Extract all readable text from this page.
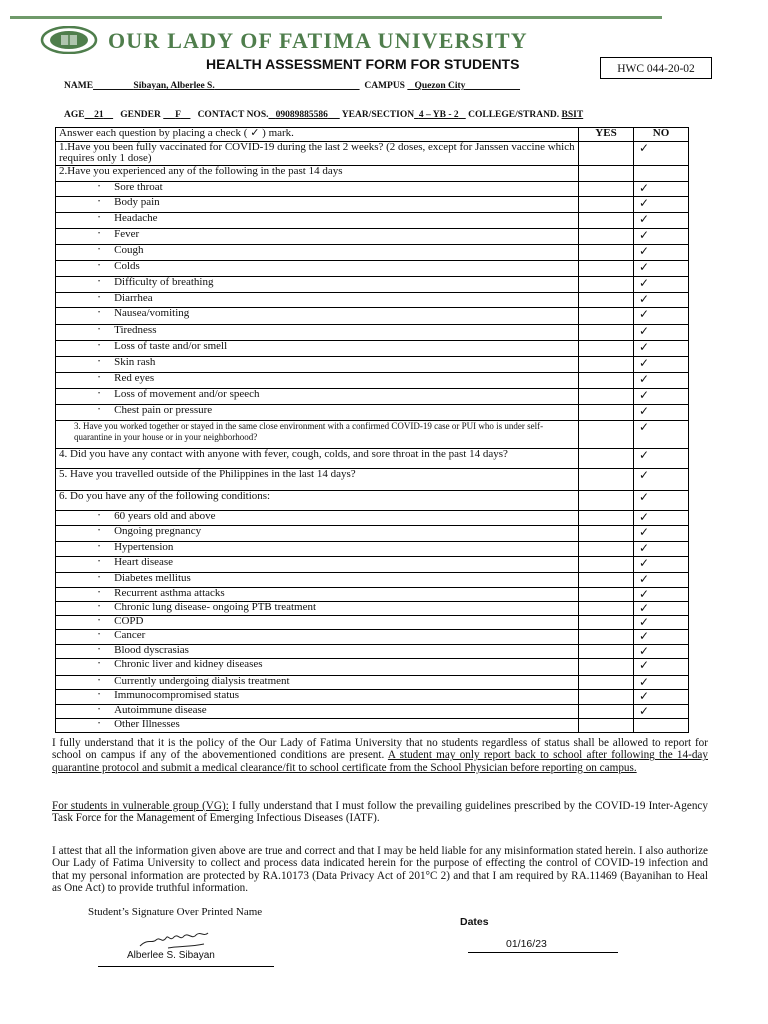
OUR LADY OF FATIMA UNIVERSITY
HEALTH ASSESSMENT FORM FOR STUDENTS	HWC 044-20-02
NAME	Sibayan, Alberlee S.	CAMPUS Quezon City
AGE 21 GENDER F CONTACT NOS. 09089885586 YEAR/SECTION 4 – YB - 2 COLLEGE/STRAND. BSIT
Answer each question by placing a check ( ✓ ) mark.	YES	NO
1.Have you been fully vaccinated for COVID-19 during the last 2 weeks? (2 doses, except for Janssen vaccine which requires only 1 dose)		✓
2.Have you experienced any of the following in the past 14 days		
• Sore throat		✓
• Body pain		✓
• Headache		✓
• Fever		✓
• Cough		✓
• Colds		✓
• Difficulty of breathing		✓
• Diarrhea		✓
• Nausea/vomiting		✓
• Tiredness		✓
• Loss of taste and/or smell		✓
• Skin rash		✓
• Red eyes		✓
• Loss of movement and/or speech		✓
• Chest pain or pressure		✓
3. Have you worked together or stayed in the same close environment with a confirmed COVID-19 case or PUI who is under self-quarantine in your house or in your neighborhood?		✓
4. Did you have any contact with anyone with fever, cough, colds, and sore throat in the past 14 days?		✓
5. Have you travelled outside of the Philippines in the last 14 days?		✓
6. Do you have any of the following conditions:		✓
• 60 years old and above		✓
• Ongoing pregnancy		✓
• Hypertension		✓
• Heart disease		✓
• Diabetes mellitus		✓
• Recurrent asthma attacks		✓
• Chronic lung disease- ongoing PTB treatment		✓
• COPD		✓
• Cancer		✓
• Blood dyscrasias		✓
• Chronic liver and kidney diseases		✓
• Currently undergoing dialysis treatment		✓
• Immunocompromised status		✓
• Autoimmune disease		✓
• Other Illnesses		
I fully understand that it is the policy of the Our Lady of Fatima University that no students regardless of status shall be allowed to report for school on campus if any of the abovementioned conditions are present. A student may only report back to school after following the 14-day quarantine protocol and submit a medical clearance/fit to school certificate from the School Physician before reporting on campus.
For students in vulnerable group (VG): I fully understand that I must follow the prevailing guidelines prescribed by the COVID-19 Inter-Agency Task Force for the Management of Emerging Infectious Diseases (IATF).
I attest that all the information given above are true and correct and that I may be held liable for any misinformation stated herein. I also authorize Our Lady of Fatima University to collect and process data indicated herein for the purpose of effecting the control of COVID-19 infection and that my personal information are protected by RA.10173 (Data Privacy Act of 201°C 2) and that I am required by RA.11469 (Bayanihan to Heal as One Act) to provide truthful information.
Student’s Signature Over Printed Name
Alberlee S. Sibayan
Dates
01/16/23
